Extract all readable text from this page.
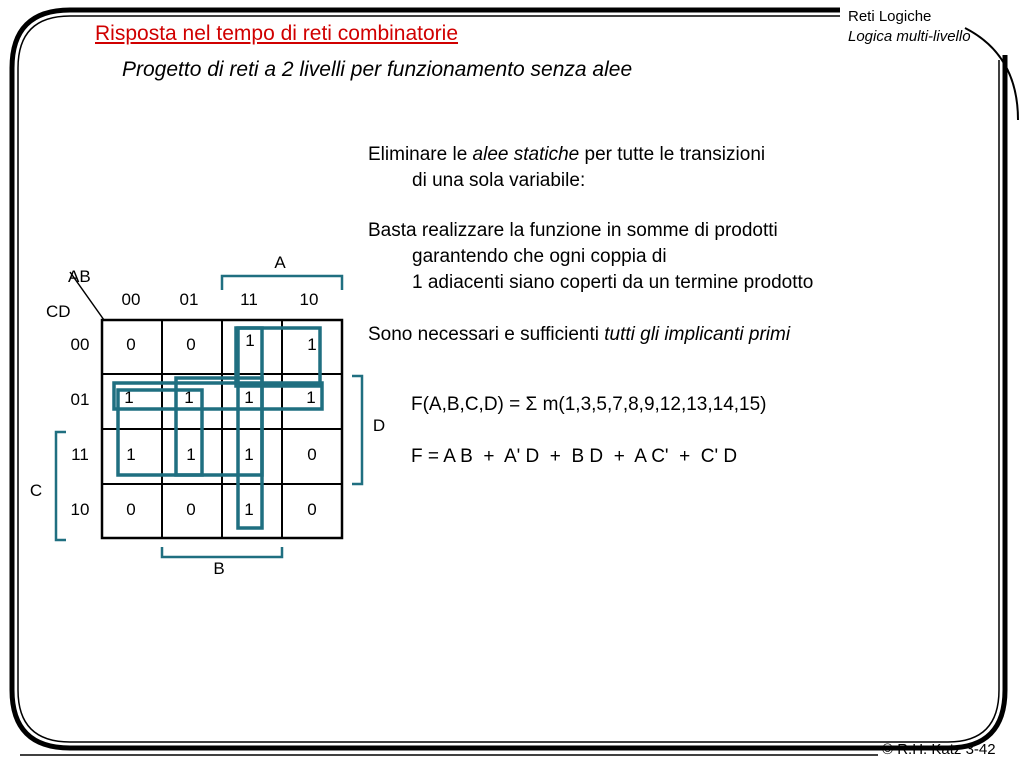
Risposta nel tempo di reti combinatorie
Progetto di reti a 2 livelli per funzionamento senza alee
Reti Logiche
Logica multi-livello
© R.H. Katz 3-42
AB
CD
00 01 11 10
00
01
11
10
0	0	1	1
1	1	1	1
1	1	1	0
0	0	1	0
A
B
C
D
Eliminare le alee statiche per tutte le transizioni
di una sola variabile:
Basta realizzare la funzione in somme di prodotti
garantendo che ogni coppia di
1 adiacenti siano coperti da un termine prodotto
Sono necessari e sufficienti tutti gli implicanti primi
F(A,B,C,D) = Σ m(1,3,5,7,8,9,12,13,14,15)
F = A B  +  A' D  +  B D  +  A C'  +  C' D
